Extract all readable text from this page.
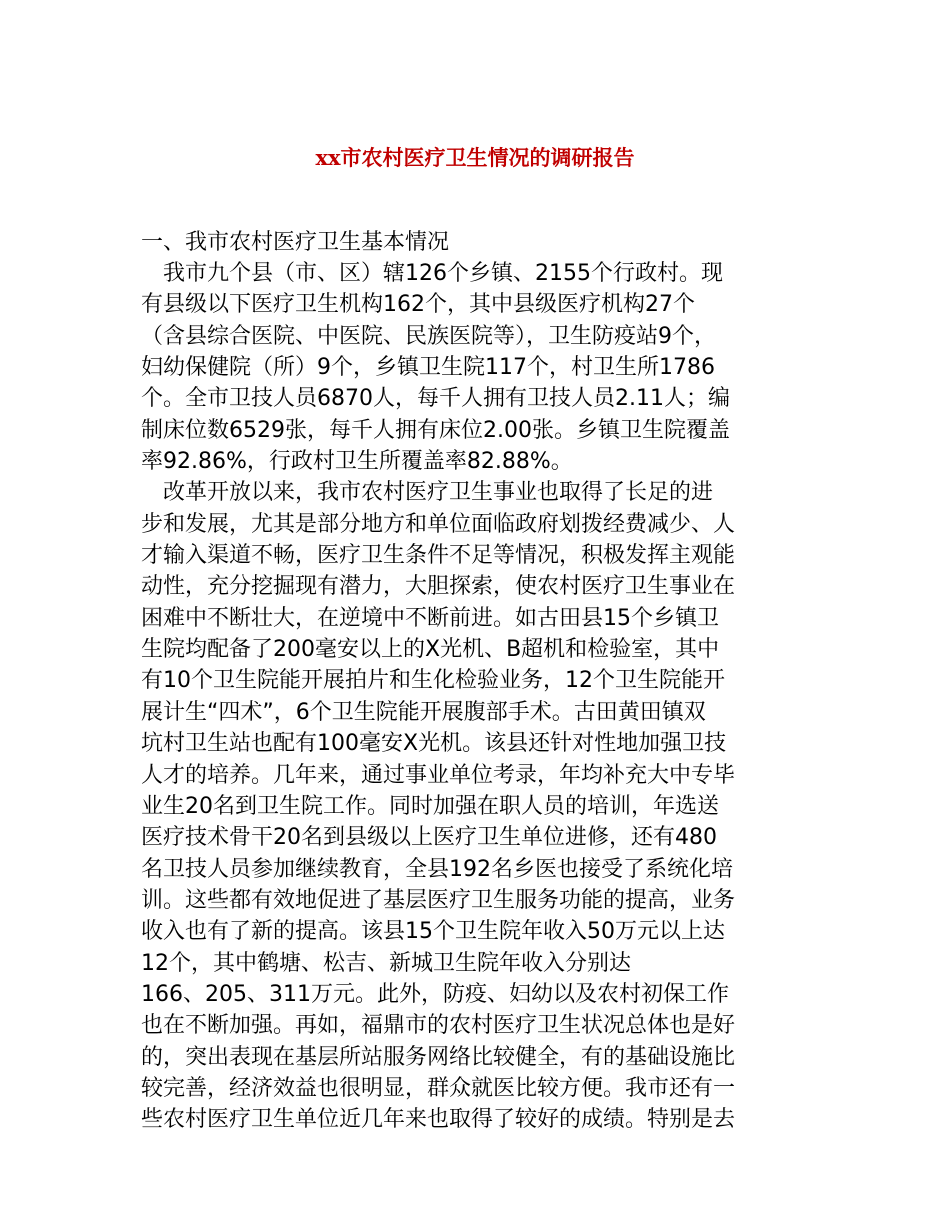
xx市农村医疗卫生情况的调研报告
一、我市农村医疗卫生基本情况

　我市九个县（市、区）辖126个乡镇、2155个行政村。现
有县级以下医疗卫生机构162个，其中县级医疗机构27个
（含县综合医院、中医院、民族医院等），卫生防疫站9个，
妇幼保健院（所）9个，乡镇卫生院117个，村卫生所1786
个。全市卫技人员6870人，每千人拥有卫技人员2.11人；编
制床位数6529张，每千人拥有床位2.00张。乡镇卫生院覆盖
率92.86%，行政村卫生所覆盖率82.88%。

　改革开放以来，我市农村医疗卫生事业也取得了长足的进
步和发展，尤其是部分地方和单位面临政府划拨经费减少、人
才输入渠道不畅，医疗卫生条件不足等情况，积极发挥主观能
动性，充分挖掘现有潜力，大胆探索，使农村医疗卫生事业在
困难中不断壮大，在逆境中不断前进。如古田县15个乡镇卫
生院均配备了200毫安以上的X光机、B超机和检验室，其中
有10个卫生院能开展拍片和生化检验业务，12个卫生院能开
展计生“四术”，6个卫生院能开展腹部手术。古田黄田镇双
坑村卫生站也配有100毫安X光机。该县还针对性地加强卫技
人才的培养。几年来，通过事业单位考录，年均补充大中专毕
业生20名到卫生院工作。同时加强在职人员的培训，年选送
医疗技术骨干20名到县级以上医疗卫生单位进修，还有480
名卫技人员参加继续教育，全县192名乡医也接受了系统化培
训。这些都有效地促进了基层医疗卫生服务功能的提高，业务
收入也有了新的提高。该县15个卫生院年收入50万元以上达
12个，其中鹤塘、松吉、新城卫生院年收入分别达
166、205、311万元。此外，防疫、妇幼以及农村初保工作
也在不断加强。再如，福鼎市的农村医疗卫生状况总体也是好
的，突出表现在基层所站服务网络比较健全，有的基础设施比
较完善，经济效益也很明显，群众就医比较方便。我市还有一
些农村医疗卫生单位近几年来也取得了较好的成绩。特别是去
